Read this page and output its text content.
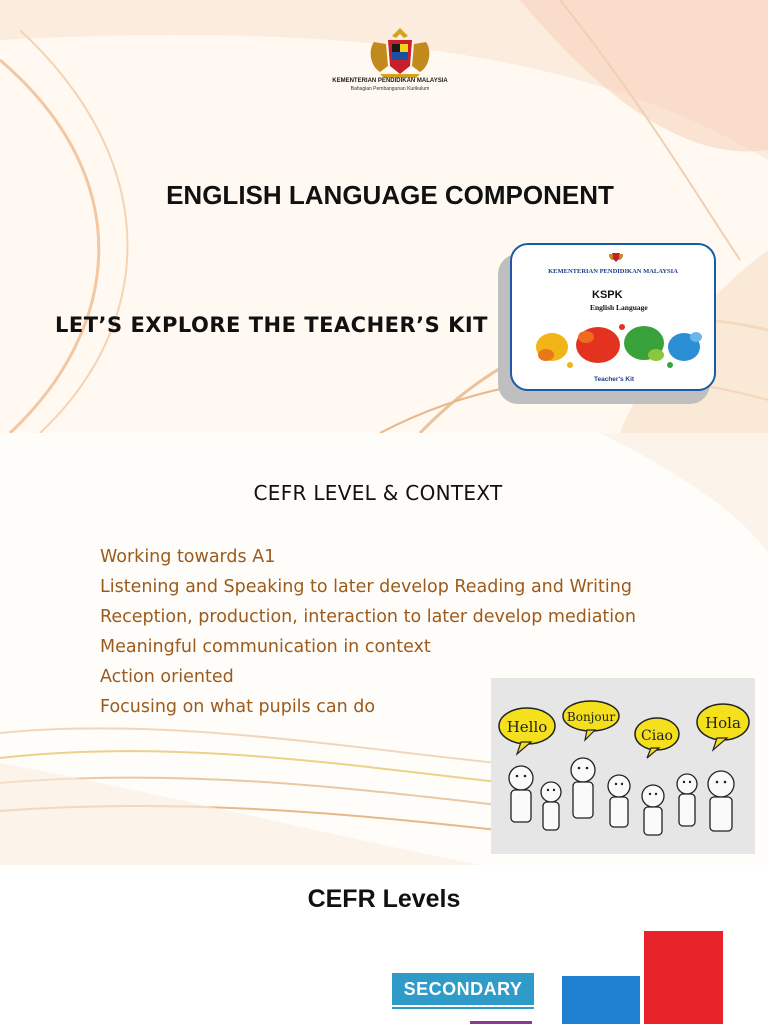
KEMENTERIAN PENDIDIKAN MALAYSIA
Bahagian Pembangunan Kurikulum
ENGLISH LANGUAGE COMPONENT
LET’S EXPLORE THE TEACHER’S KIT
KEMENTERIAN PENDIDIKAN MALAYSIA
KSPK
English Language
Teacher's Kit
CEFR LEVEL & CONTEXT
Working towards A1
Listening and Speaking to later develop Reading and Writing
Reception, production, interaction to later develop mediation
Meaningful communication in context
Action oriented
Focusing on what pupils can do
Hello
Bonjour
Ciao
Hola
CEFR Levels
SECONDARY
